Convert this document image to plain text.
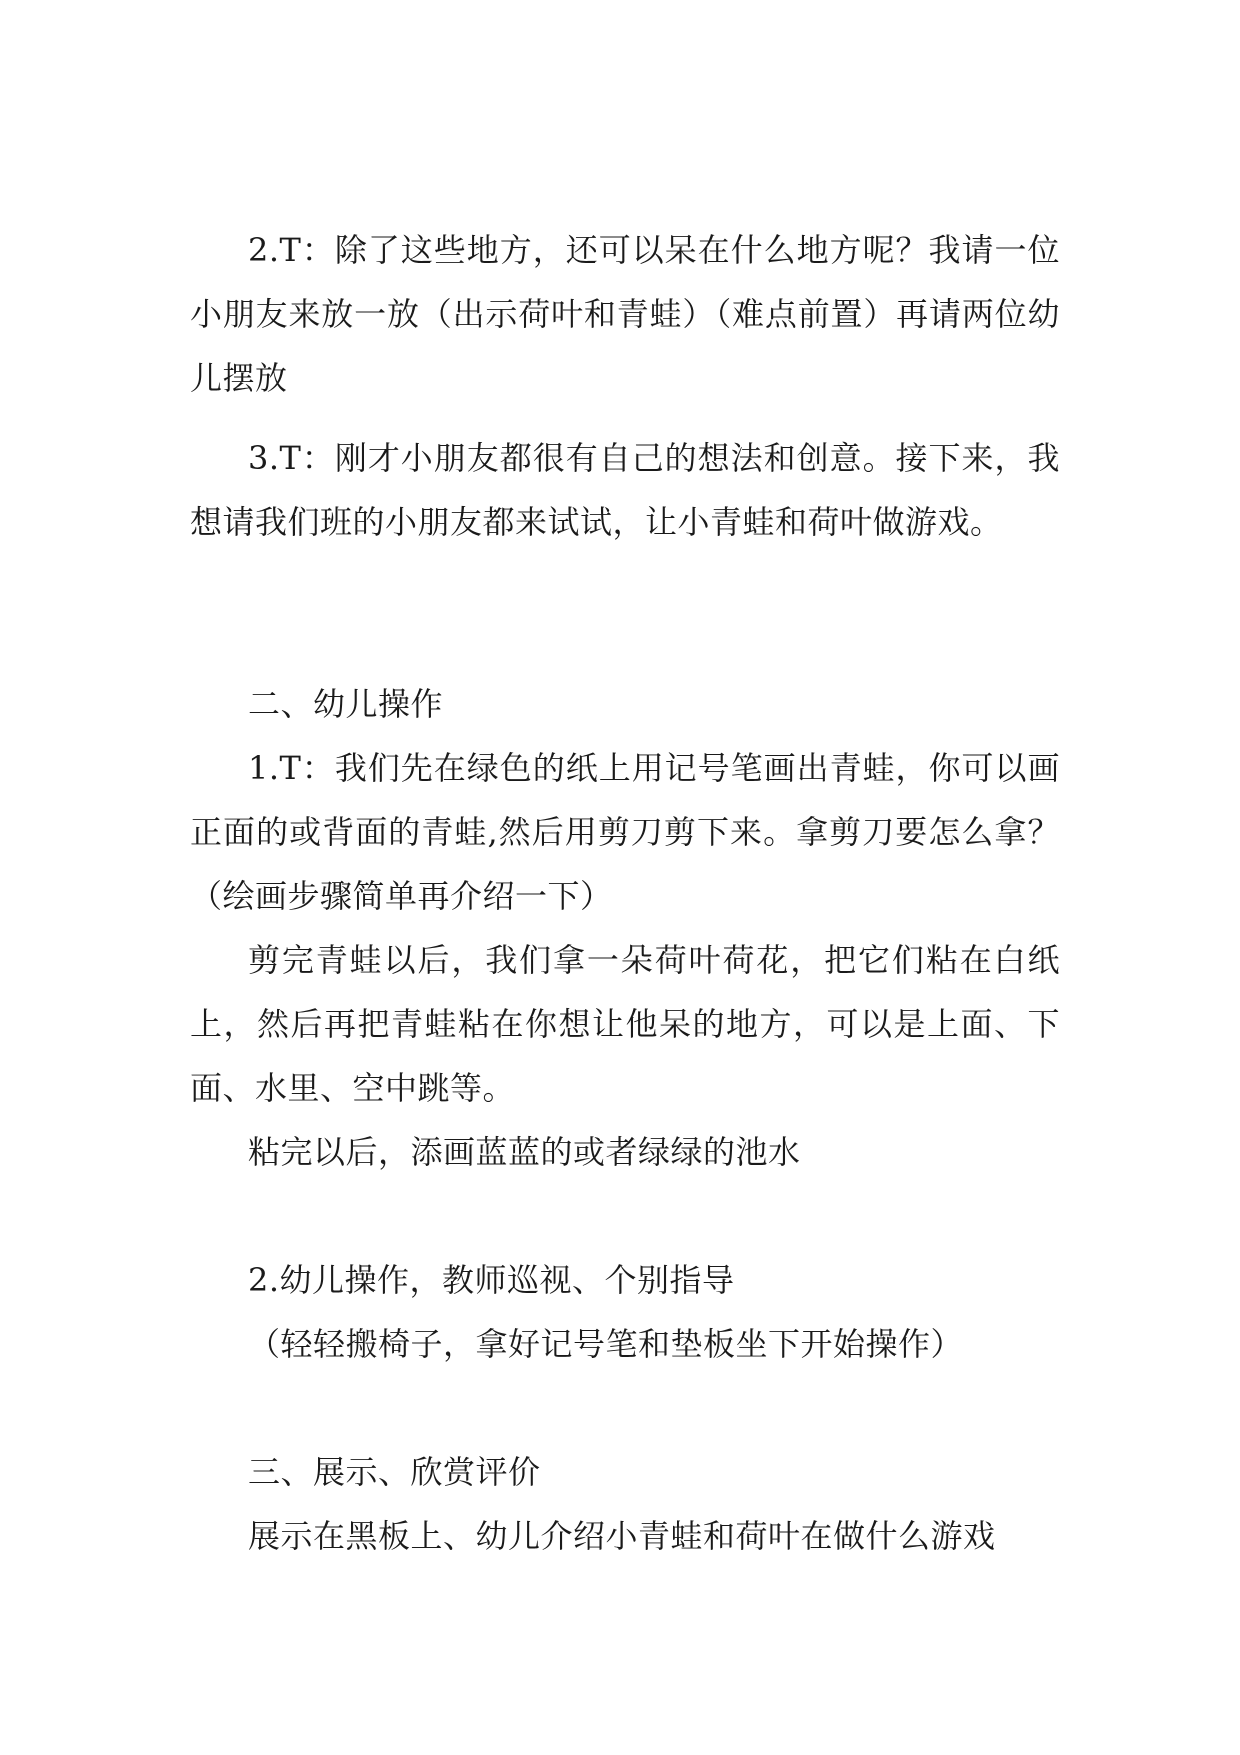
2.T：除了这些地方，还可以呆在什么地方呢？我请一位小朋友来放一放（出示荷叶和青蛙）（难点前置）再请两位幼儿摆放
3.T：刚才小朋友都很有自己的想法和创意。接下来，我想请我们班的小朋友都来试试，让小青蛙和荷叶做游戏。
二、幼儿操作
1.T：我们先在绿色的纸上用记号笔画出青蛙，你可以画正面的或背面的青蛙,然后用剪刀剪下来。拿剪刀要怎么拿？（绘画步骤简单再介绍一下）
剪完青蛙以后，我们拿一朵荷叶荷花，把它们粘在白纸上，然后再把青蛙粘在你想让他呆的地方，可以是上面、下面、水里、空中跳等。
粘完以后，添画蓝蓝的或者绿绿的池水
2.幼儿操作，教师巡视、个别指导
（轻轻搬椅子，拿好记号笔和垫板坐下开始操作）
三、展示、欣赏评价
展示在黑板上、幼儿介绍小青蛙和荷叶在做什么游戏
